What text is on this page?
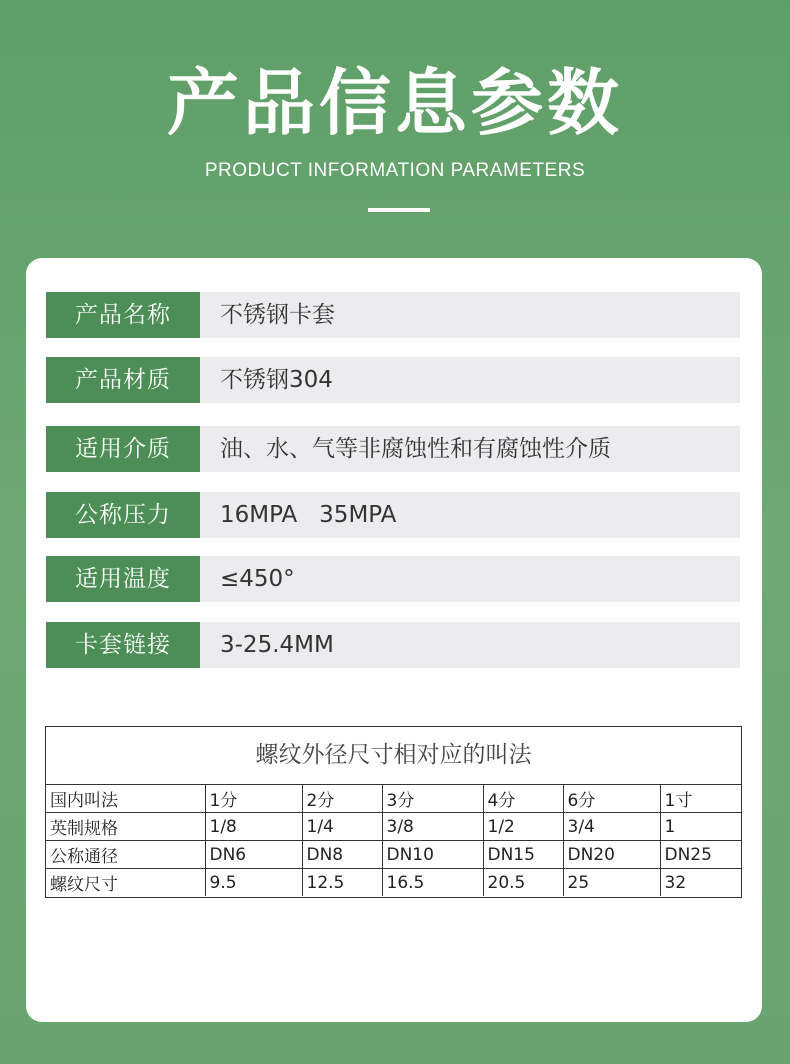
产品信息参数
PRODUCT INFORMATION PARAMETERS
产品名称	不锈钢卡套
产品材质	不锈钢304
适用介质	油、水、气等非腐蚀性和有腐蚀性介质
公称压力	16MPA   35MPA
适用温度	≤450°
卡套链接	3-25.4MM
螺纹外径尺寸相对应的叫法
国内叫法	1分	2分	3分	4分	6分	1寸
英制规格	1/8	1/4	3/8	1/2	3/4	1
公称通径	DN6	DN8	DN10	DN15	DN20	DN25
螺纹尺寸	9.5	12.5	16.5	20.5	25	32
